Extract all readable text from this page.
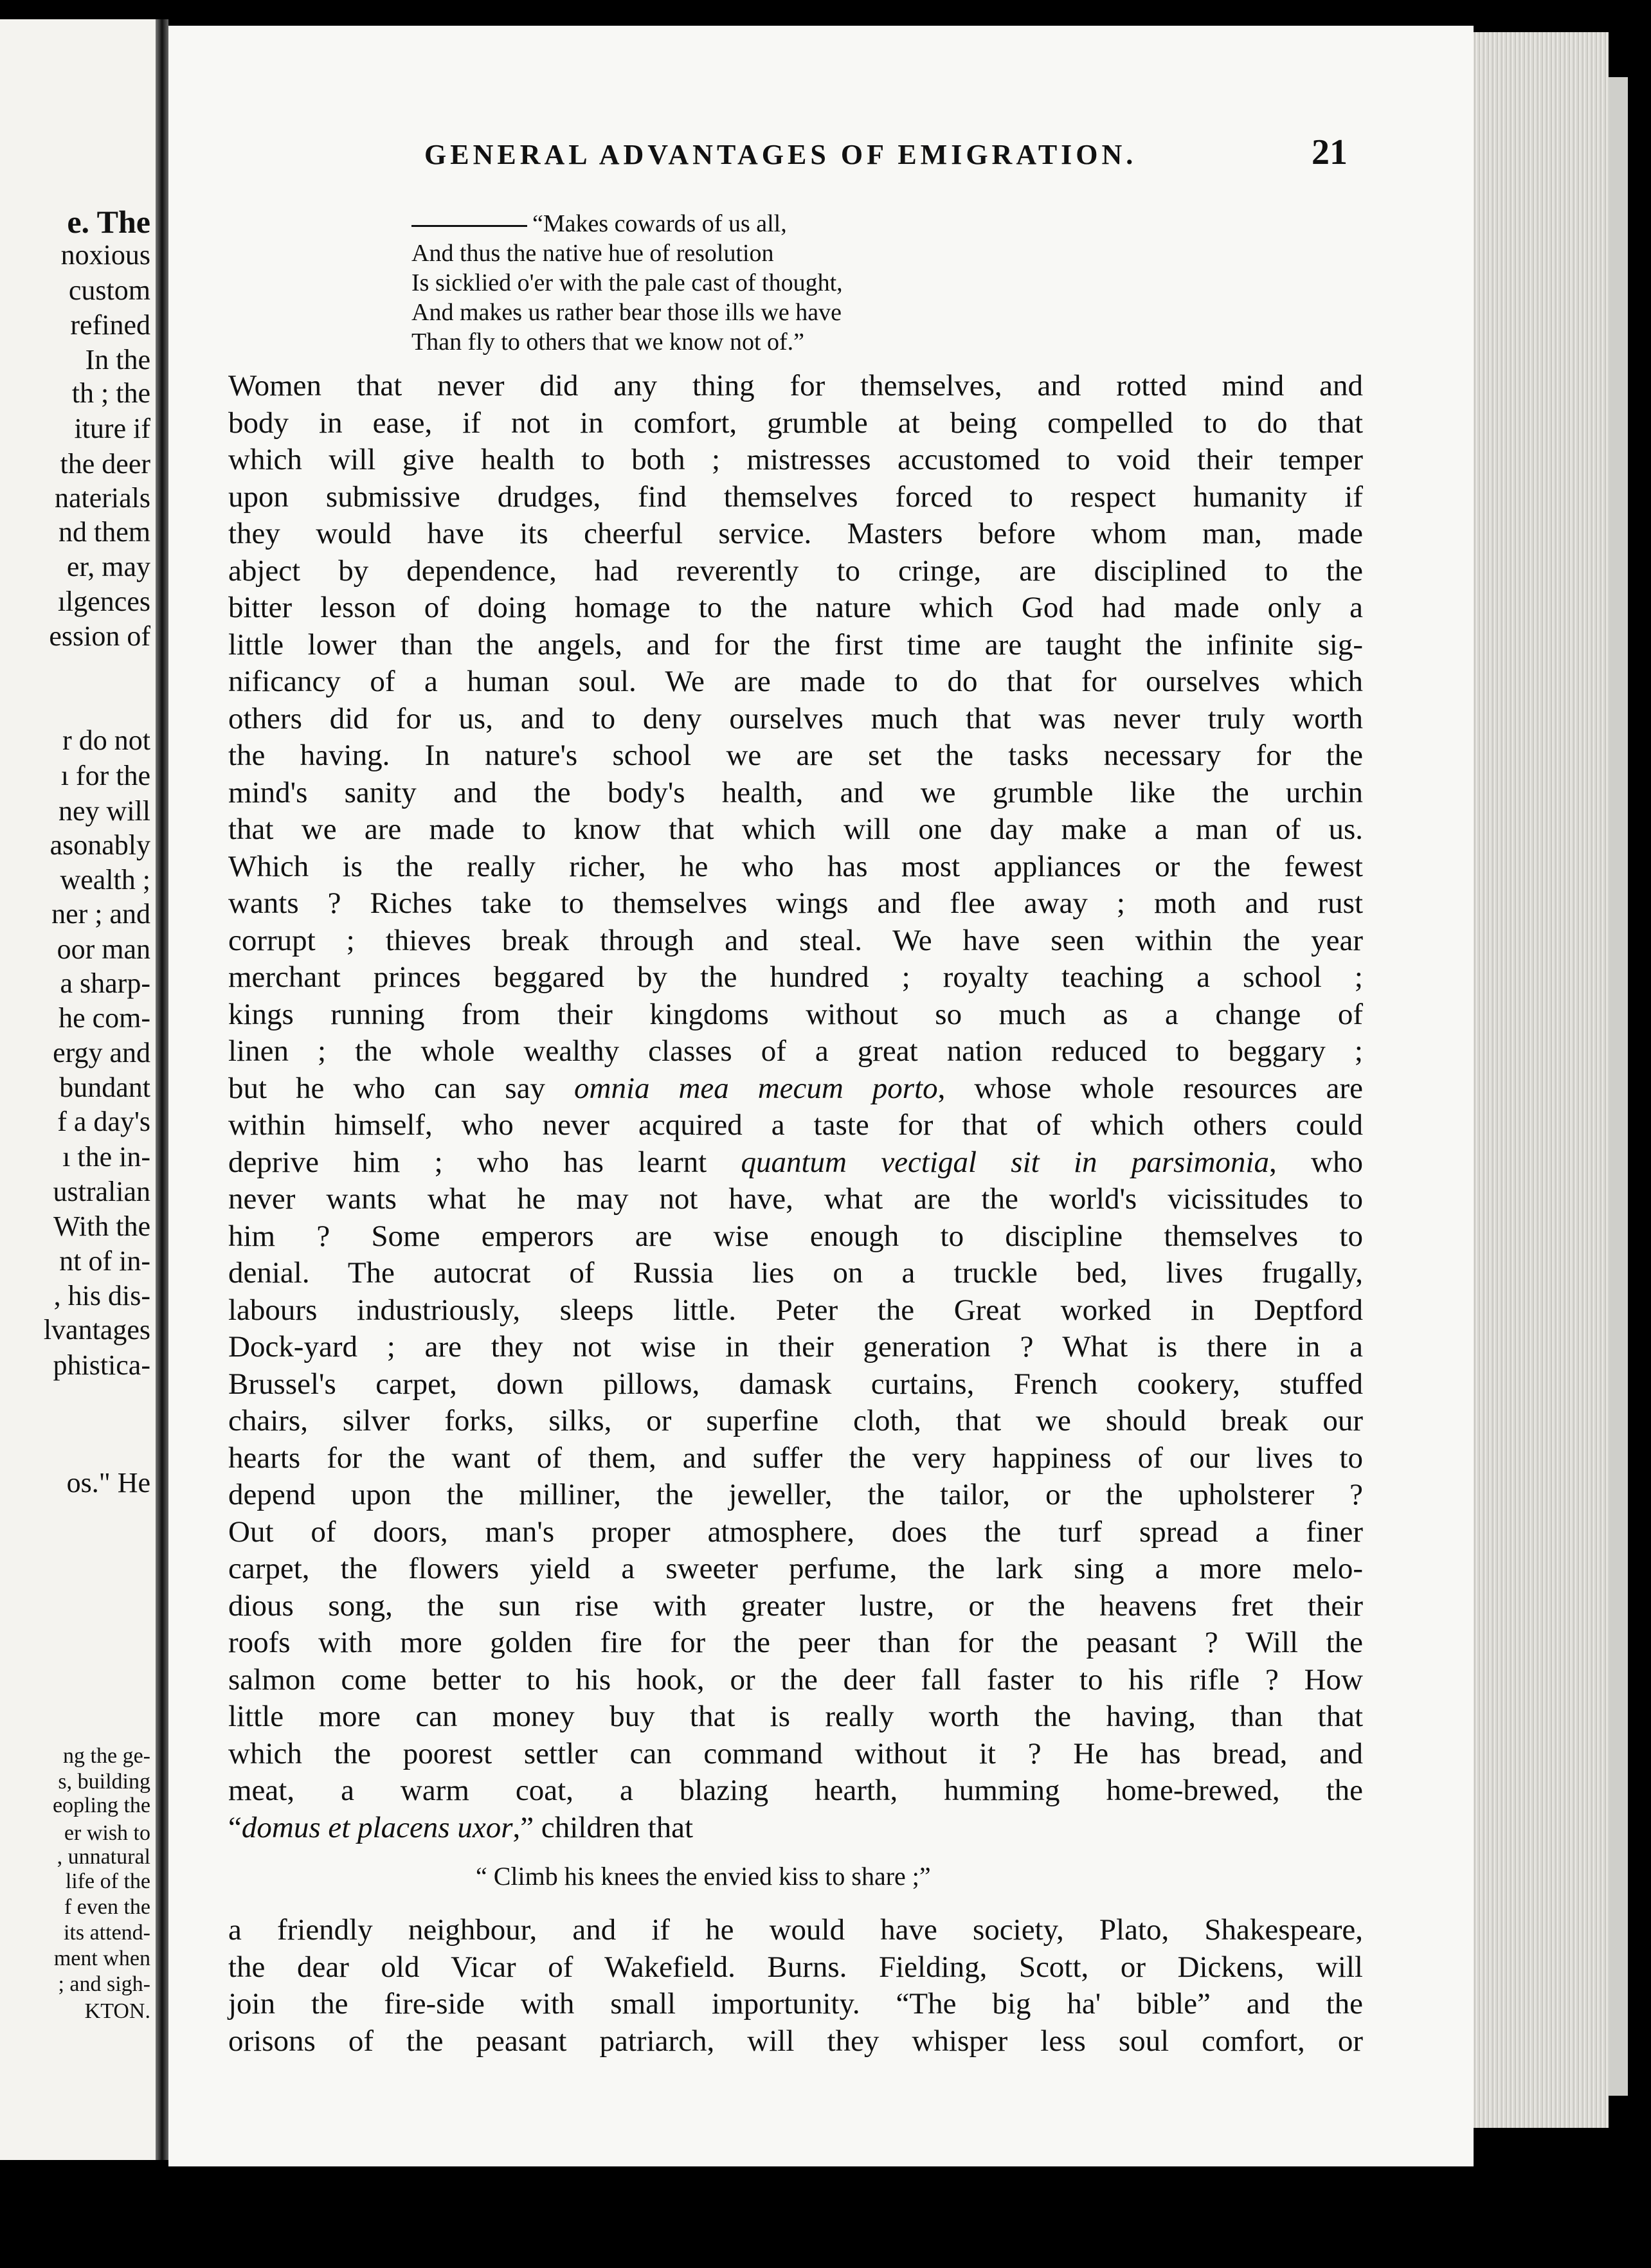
e. The
noxious
custom
refined
In the
th ; the
iture if
the deer
naterials
nd them
er, may
ılgences
ession of
r do not
ı for the
ney will
asonably
wealth ;
ner ; and
oor man
a sharp-
he com-
ergy and
bundant
f a day's
ı the in-
ustralian
With the
nt of in-
, his dis-
lvantages
phistica-
os." He
ng the ge-
s, building
eopling the
er wish to
, unnatural
life of the
f even the
its attend-
ment when
; and sigh-
KTON.
GENERAL ADVANTAGES OF EMIGRATION.	21
“Makes cowards of us all,
And thus the native hue of resolution
Is sicklied o'er with the pale cast of thought,
And makes us rather bear those ills we have
Than fly to others that we know not of.”
Women that never did any thing for themselves, and rotted mind and
body in ease, if not in comfort, grumble at being compelled to do that
which will give health to both ; mistresses accustomed to void their temper
upon submissive drudges, find themselves forced to respect humanity if
they would have its cheerful service. Masters before whom man, made
abject by dependence, had reverently to cringe, are disciplined to the
bitter lesson of doing homage to the nature which God had made only a
little lower than the angels, and for the first time are taught the infinite sig-
nificancy of a human soul. We are made to do that for ourselves which
others did for us, and to deny ourselves much that was never truly worth
the having. In nature's school we are set the tasks necessary for the
mind's sanity and the body's health, and we grumble like the urchin
that we are made to know that which will one day make a man of us.
Which is the really richer, he who has most appliances or the fewest
wants ? Riches take to themselves wings and flee away ; moth and rust
corrupt ; thieves break through and steal. We have seen within the year
merchant princes beggared by the hundred ; royalty teaching a school ;
kings running from their kingdoms without so much as a change of
linen ; the whole wealthy classes of a great nation reduced to beggary ;
but he who can say omnia mea mecum porto, whose whole resources are
within himself, who never acquired a taste for that of which others could
deprive him ; who has learnt quantum vectigal sit in parsimonia, who
never wants what he may not have, what are the world's vicissitudes to
him ? Some emperors are wise enough to discipline themselves to
denial. The autocrat of Russia lies on a truckle bed, lives frugally,
labours industriously, sleeps little. Peter the Great worked in Deptford
Dock-yard ; are they not wise in their generation ? What is there in a
Brussel's carpet, down pillows, damask curtains, French cookery, stuffed
chairs, silver forks, silks, or superfine cloth, that we should break our
hearts for the want of them, and suffer the very happiness of our lives to
depend upon the milliner, the jeweller, the tailor, or the upholsterer ?
Out of doors, man's proper atmosphere, does the turf spread a finer
carpet, the flowers yield a sweeter perfume, the lark sing a more melo-
dious song, the sun rise with greater lustre, or the heavens fret their
roofs with more golden fire for the peer than for the peasant ? Will the
salmon come better to his hook, or the deer fall faster to his rifle ? How
little more can money buy that is really worth the having, than that
which the poorest settler can command without it ? He has bread, and
meat, a warm coat, a blazing hearth, humming home-brewed, the
“domus et placens uxor,” children that
“ Climb his knees the envied kiss to share ;”
a friendly neighbour, and if he would have society, Plato, Shakespeare,
the dear old Vicar of Wakefield. Burns. Fielding, Scott, or Dickens, will
join the fire-side with small importunity. “The big ha' bible” and the
orisons of the peasant patriarch, will they whisper less soul comfort, or
